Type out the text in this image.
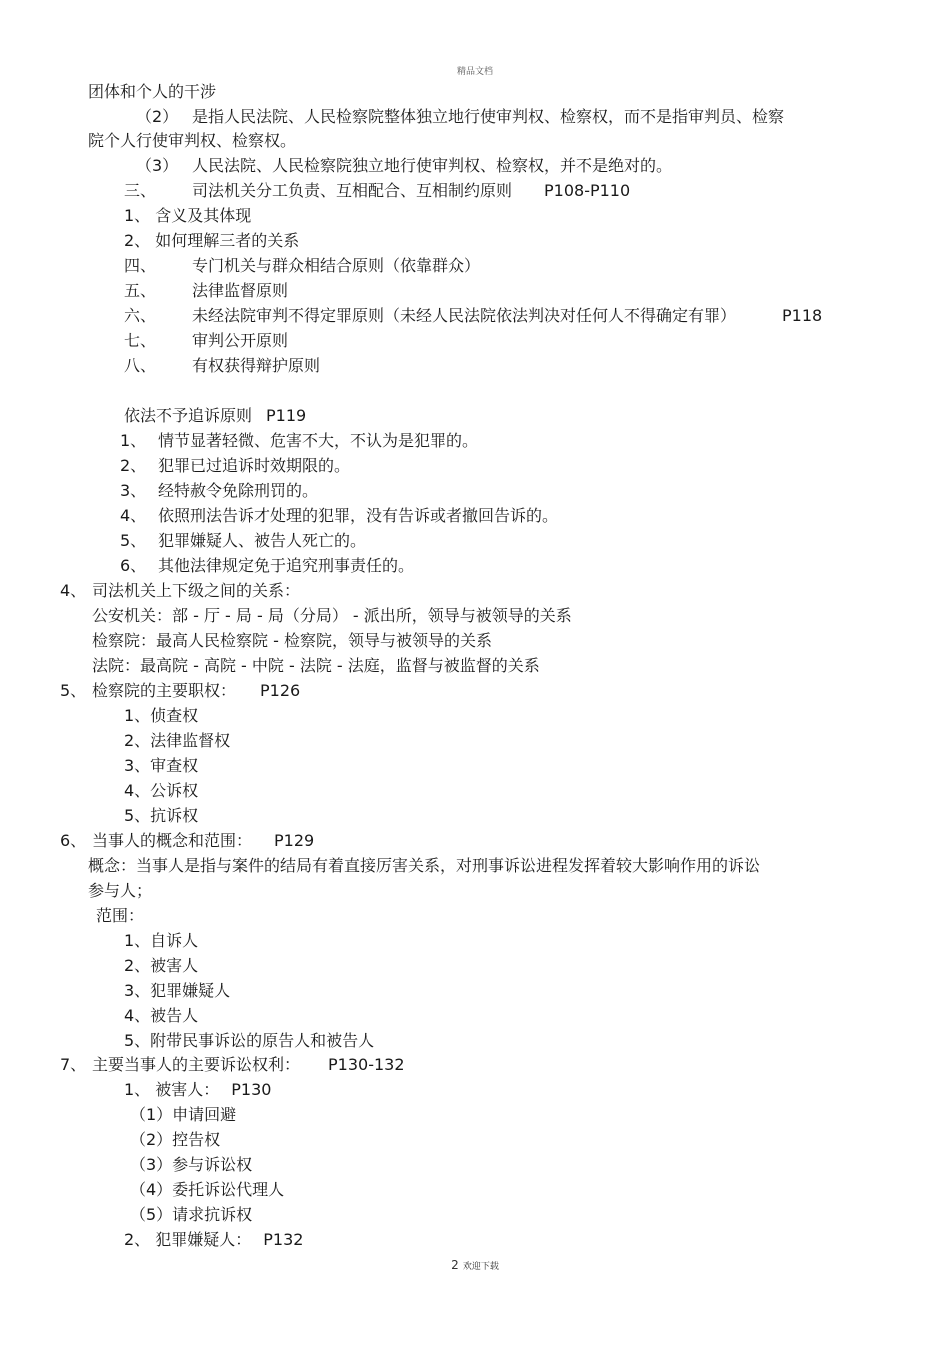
精品文档
团体和个人的干涉
（2） 是指人民法院、人民检察院整体独立地行使审判权、检察权，而不是指审判员、检察
院个人行使审判权、检察权。
（3） 人民法院、人民检察院独立地行使审判权、检察权，并不是绝对的。
三、 司法机关分工负责、互相配合、互相制约原则 P108-P110
1、 含义及其体现
2、 如何理解三者的关系
四、 专门机关与群众相结合原则（依靠群众）
五、 法律监督原则
六、 未经法院审判不得定罪原则（未经人民法院依法判决对任何人不得确定有罪）	P118
七、 审判公开原则
八、 有权获得辩护原则
依法不予追诉原则 P119
1、 情节显著轻微、危害不大，不认为是犯罪的。
2、 犯罪已过追诉时效期限的。
3、 经特赦令免除刑罚的。
4、 依照刑法告诉才处理的犯罪，没有告诉或者撤回告诉的。
5、 犯罪嫌疑人、被告人死亡的。
6、 其他法律规定免于追究刑事责任的。
4、 司法机关上下级之间的关系：
公安机关：部 - 厅 - 局 - 局（分局） - 派出所，领导与被领导的关系
检察院：最高人民检察院 - 检察院，领导与被领导的关系
法院：最高院 - 高院 - 中院 - 法院 - 法庭，监督与被监督的关系
5、 检察院的主要职权： P126
1、侦查权
2、法律监督权
3、审查权
4、公诉权
5、抗诉权
6、 当事人的概念和范围： P129
概念：当事人是指与案件的结局有着直接厉害关系，对刑事诉讼进程发挥着较大影响作用的诉讼
参与人；
范围：
1、自诉人
2、被害人
3、犯罪嫌疑人
4、被告人
5、附带民事诉讼的原告人和被告人
7、 主要当事人的主要诉讼权利： P130-132
1、 被害人： P130
（1）申请回避
（2）控告权
（3）参与诉讼权
（4）委托诉讼代理人
（5）请求抗诉权
2、 犯罪嫌疑人： P132
2 欢迎下载
